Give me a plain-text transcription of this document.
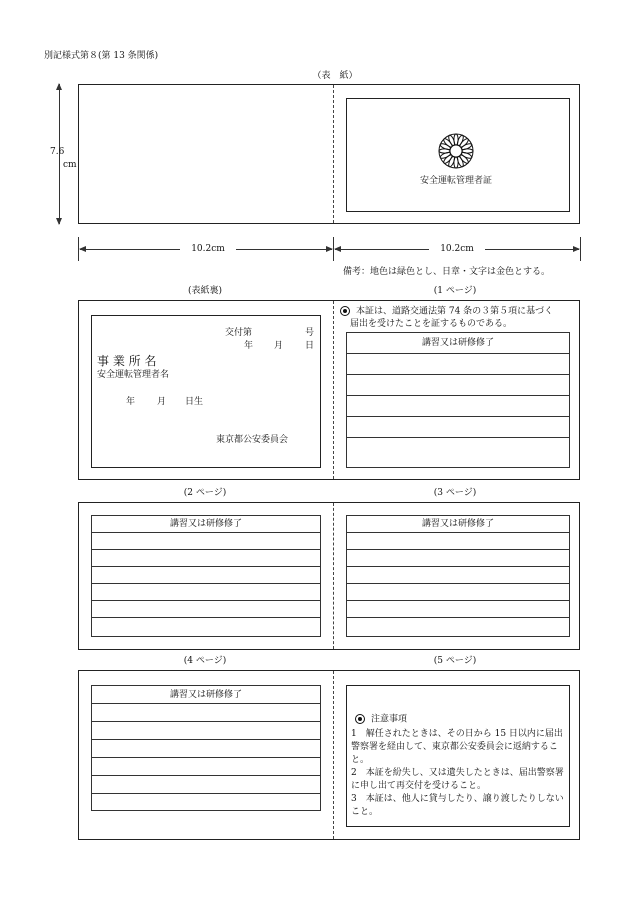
別記様式第８(第 13 条関係)
（表　紙）
7.6
cm
安全運転管理者証
10.2cm	10.2cm
備考：地色は緑色とし、日章・文字は金色とする。
(表紙裏)	(1 ページ)
交付第	号
年 月 日
事 業 所 名
安全運転管理者名
年 月 日生
東京都公安委員会
本証は、道路交通法第 74 条の３第５項に基づく
届出を受けたことを証するものである。
講習又は研修修了
(2 ページ)	(3 ページ)
講習又は研修修了	講習又は研修修了
(4 ページ)	(5 ページ)
講習又は研修修了
注意事項
1　解任されたときは、その日から 15 日以内に届出警察署を経由して、東京都公安委員会に返納すること。
2　本証を紛失し、又は遺失したときは、届出警察署に申し出て再交付を受けること。
3　本証は、他人に貸与したり、譲り渡したりしないこと。
